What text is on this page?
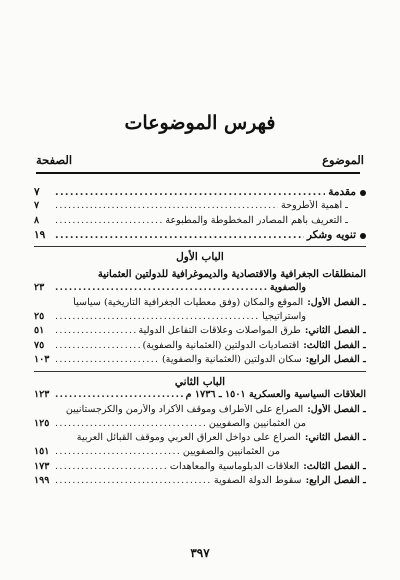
فهرس الموضوعات
الموضوع
الصفحة
مقدمة
.....
٧
ـ أهمية الأطروحة
.....
٧
ـ التعريف بأهم المصادر المخطوطة والمطبوعة
.....
٨
تنويه وشكر
.....
١٩
الباب الأول
المنطلقات الجغرافية والاقتصادية والديموغرافية للدولتين العثمانية
والصفوية
.....
٢٣
ـ الفصل الأول:
الموقع والمكان (وفق معطيات الجغرافية التاريخية) سياسياً
واستراتيجياً
.....
٢٥
ـ الفصل الثاني:
طرق المواصلات وعلاقات التفاعل الدولية
.....
٥١
ـ الفصل الثالث:
اقتصاديات الدولتين (العثمانية والصفوية)
.....
٧٥
ـ الفصل الرابع:
سكان الدولتين (العثمانية والصفوية)
.....
١٠٣
الباب الثاني
العلاقات السياسية والعسكرية ١٥٠١ ـ ١٧٣٦ م
.....
١٢٣
ـ الفصل الأول:
الصراع على الأطراف وموقف الأكراد والأرمن والكرجستانيين
من العثمانيين والصفويين
.....
١٢٥
ـ الفصل الثاني:
الصراع على دواخل العراق العربي وموقف القبائل العربية
من العثمانيين والصفويين
.....
١٥١
ـ الفصل الثالث:
العلاقات الدبلوماسية والمعاهدات
.....
١٧٣
ـ الفصل الرابع:
سقوط الدولة الصفوية
.....
١٩٩
٣٩٧
